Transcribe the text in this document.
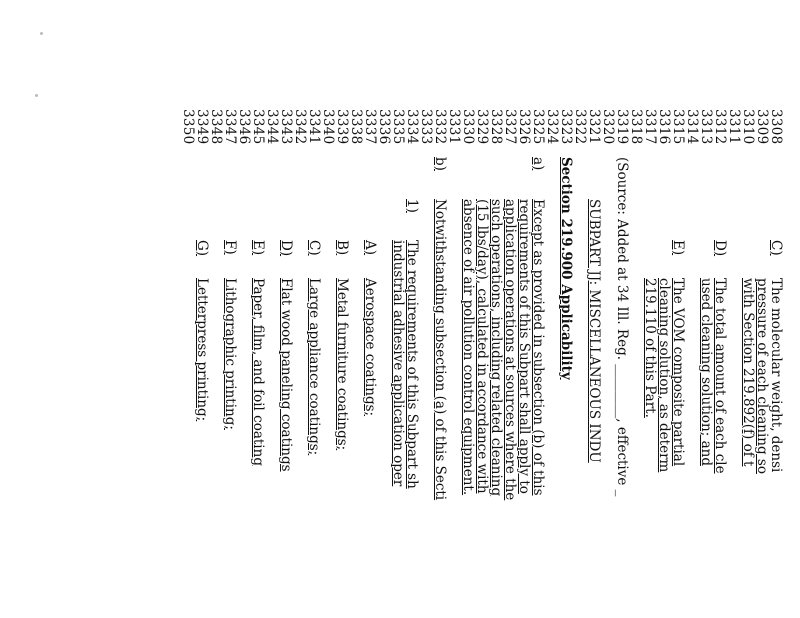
3308
3309
3310
3311
3312
3313
3314
3315
3316
3317
3318
3319
3320
3321
3322
3323
3324
3325
3326
3327
3328
3329
3330
3331
3332
3333
3334
3335
3336
3337
3338
3339
3340
3341
3342
3343
3344
3345
3346
3347
3348
3349
3350
C)
The molecular weight, densi
pressure of each cleaning so
with Section 219.892(f) of t
D)
The total amount of each cle
used cleaning solution; and
E)
The VOM composite partial
cleaning solution, as determ
219.110 of this Part.
(Source: Added at 34 Ill. Reg. ________, effective _
SUBPART JJ: MISCELLANEOUS INDU
Section 219.900 Applicability
a)
Except as provided in subsection (b) of this
requirements of this Subpart shall apply to
application operations at sources where the
such operations, including related cleaning
(15 lbs/day), calculated in accordance with
absence of air pollution control equipment.
b)
Notwithstanding subsection (a) of this Secti
1)
The requirements of this Subpart sh
industrial adhesive application oper
A)
Aerospace coatings;
B)
Metal furniture coatings;
C)
Large appliance coatings;
D)
Flat wood paneling coatings
E)
Paper, film, and foil coating
F)
Lithographic printing;
G)
Letterpress printing;
